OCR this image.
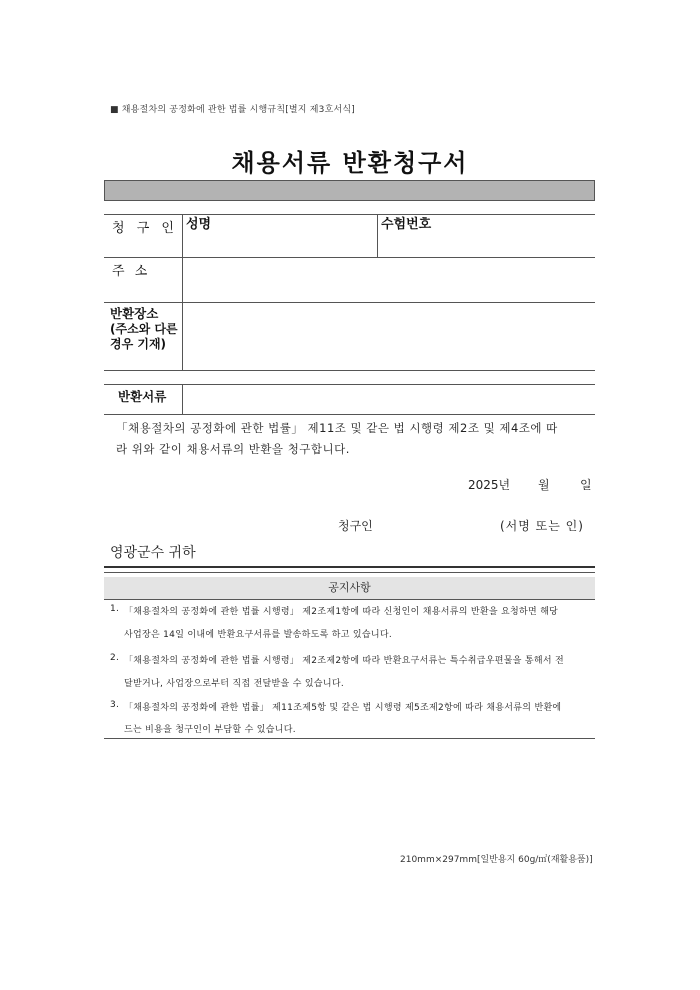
■ 채용절차의 공정화에 관한 법률 시행규칙[별지 제3호서식]
채용서류 반환청구서
청 구 인 성명	수험번호
주 소
반환장소
(주소와 다른
경우 기재)
반환서류
「채용절차의 공정화에 관한 법률」 제11조 및 같은 법 시행령 제2조 및 제4조에 따
라 위와 같이 채용서류의 반환을 청구합니다.
2025년 월	일
청구인	(서명 또는 인)
영광군수 귀하
공지사항
1. 「채용절차의 공정화에 관한 법률 시행령」 제2조제1항에 따라 신청인이 채용서류의 반환을 요청하면 해당
사업장은 14일 이내에 반환요구서류를 발송하도록 하고 있습니다.
2. 「채용절차의 공정화에 관한 법률 시행령」 제2조제2항에 따라 반환요구서류는 특수취급우편물을 통해서 전
달받거나, 사업장으로부터 직접 전달받을 수 있습니다.
3. 「채용절차의 공정화에 관한 법률」 제11조제5항 및 같은 법 시행령 제5조제2항에 따라 채용서류의 반환에
드는 비용을 청구인이 부담할 수 있습니다.
210mm×297mm[일반용지 60g/㎡(재활용품)]
